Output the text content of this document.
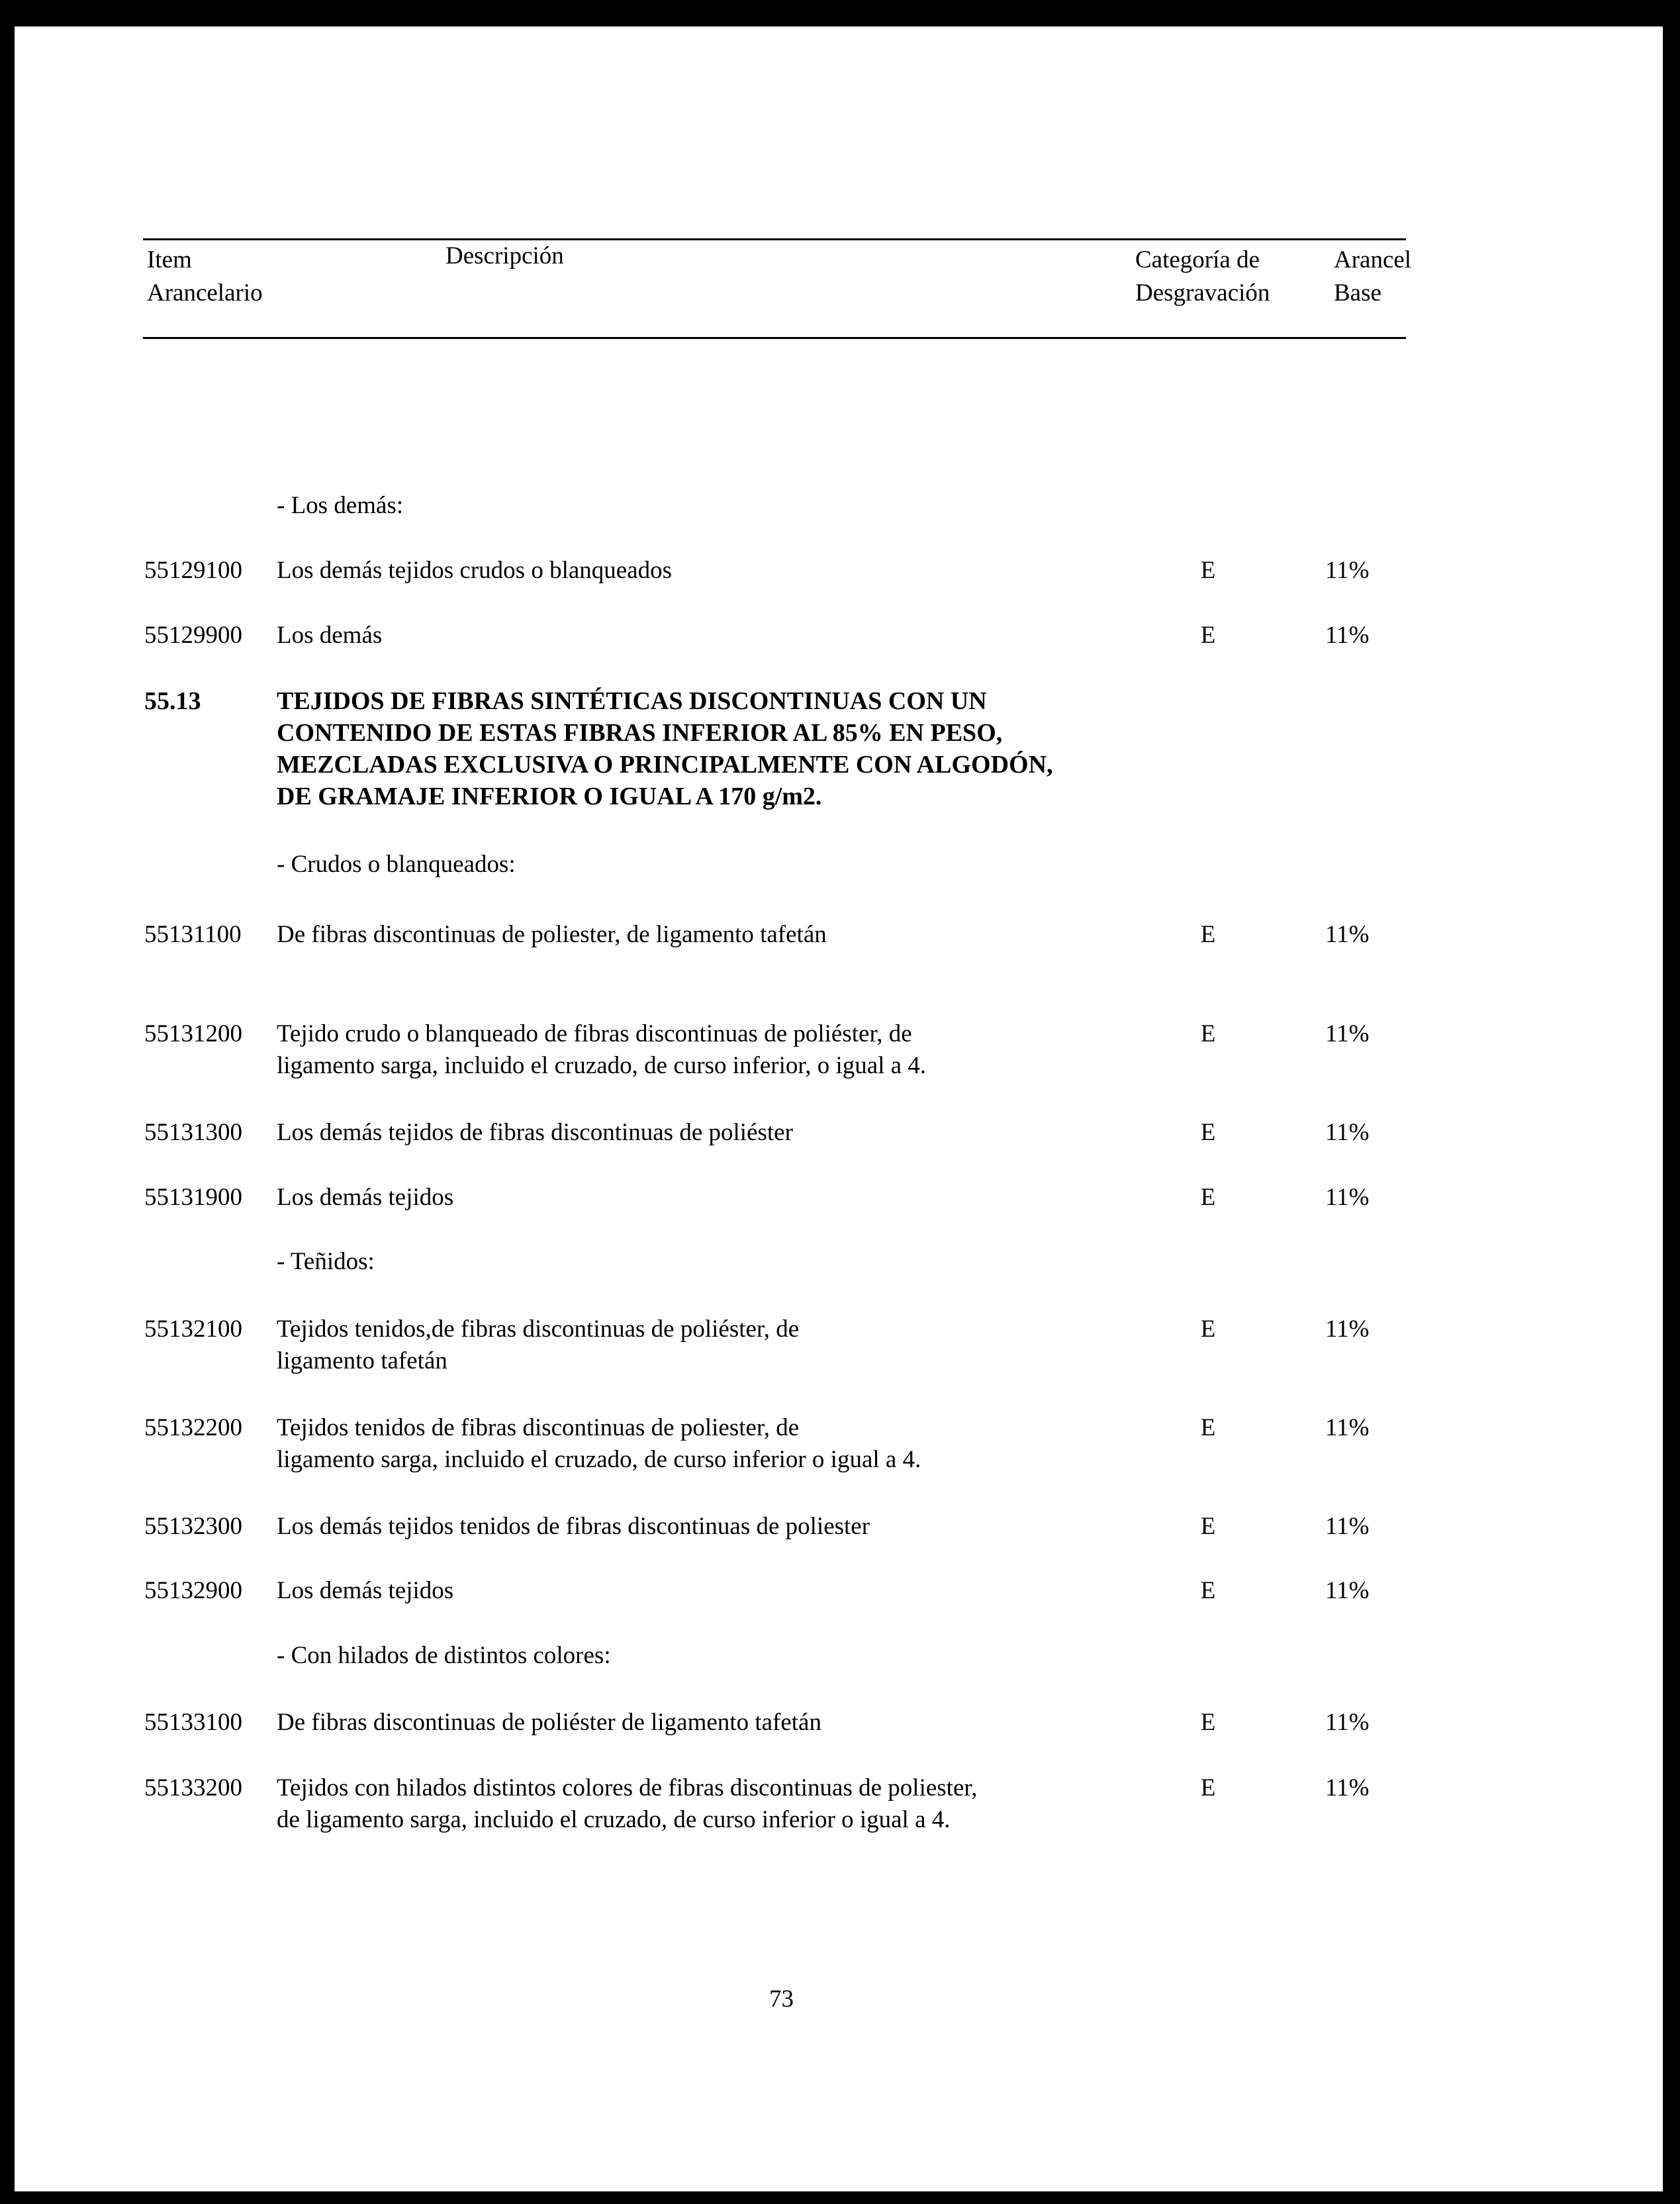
Item
Arancelario
Descripción	Categoría de
Desgravación
Arancel
Base
- Los demás:
55129100 Los demás tejidos crudos o blanqueados	E	11%
55129900 Los demás	E	11%
55.13	TEJIDOS DE FIBRAS SINTÉTICAS DISCONTINUAS CON UN
CONTENIDO DE ESTAS FIBRAS INFERIOR AL 85% EN PESO,
MEZCLADAS EXCLUSIVA O PRINCIPALMENTE CON ALGODÓN,
DE GRAMAJE INFERIOR O IGUAL A 170 g/m2.
- Crudos o blanqueados:
55131100 De fibras discontinuas de poliester, de ligamento tafetán	E	11%
55131200 Tejido crudo o blanqueado de fibras discontinuas de poliéster, de
ligamento sarga, incluido el cruzado, de curso inferior, o igual a 4.
E	11%
55131300 Los demás tejidos de fibras discontinuas de poliéster	E	11%
55131900 Los demás tejidos	E	11%
- Teñidos:
55132100 Tejidos tenidos,de fibras discontinuas de poliéster, de
ligamento tafetán
E	11%
55132200 Tejidos tenidos de fibras discontinuas de poliester, de
ligamento sarga, incluido el cruzado, de curso inferior o igual a 4.
E	11%
55132300 Los demás tejidos tenidos de fibras discontinuas de poliester	E	11%
55132900 Los demás tejidos	E	11%
- Con hilados de distintos colores:
55133100 De fibras discontinuas de poliéster de ligamento tafetán	E	11%
55133200 Tejidos con hilados distintos colores de fibras discontinuas de poliester,
de ligamento sarga, incluido el cruzado, de curso inferior o igual a 4.
E	11%
73
